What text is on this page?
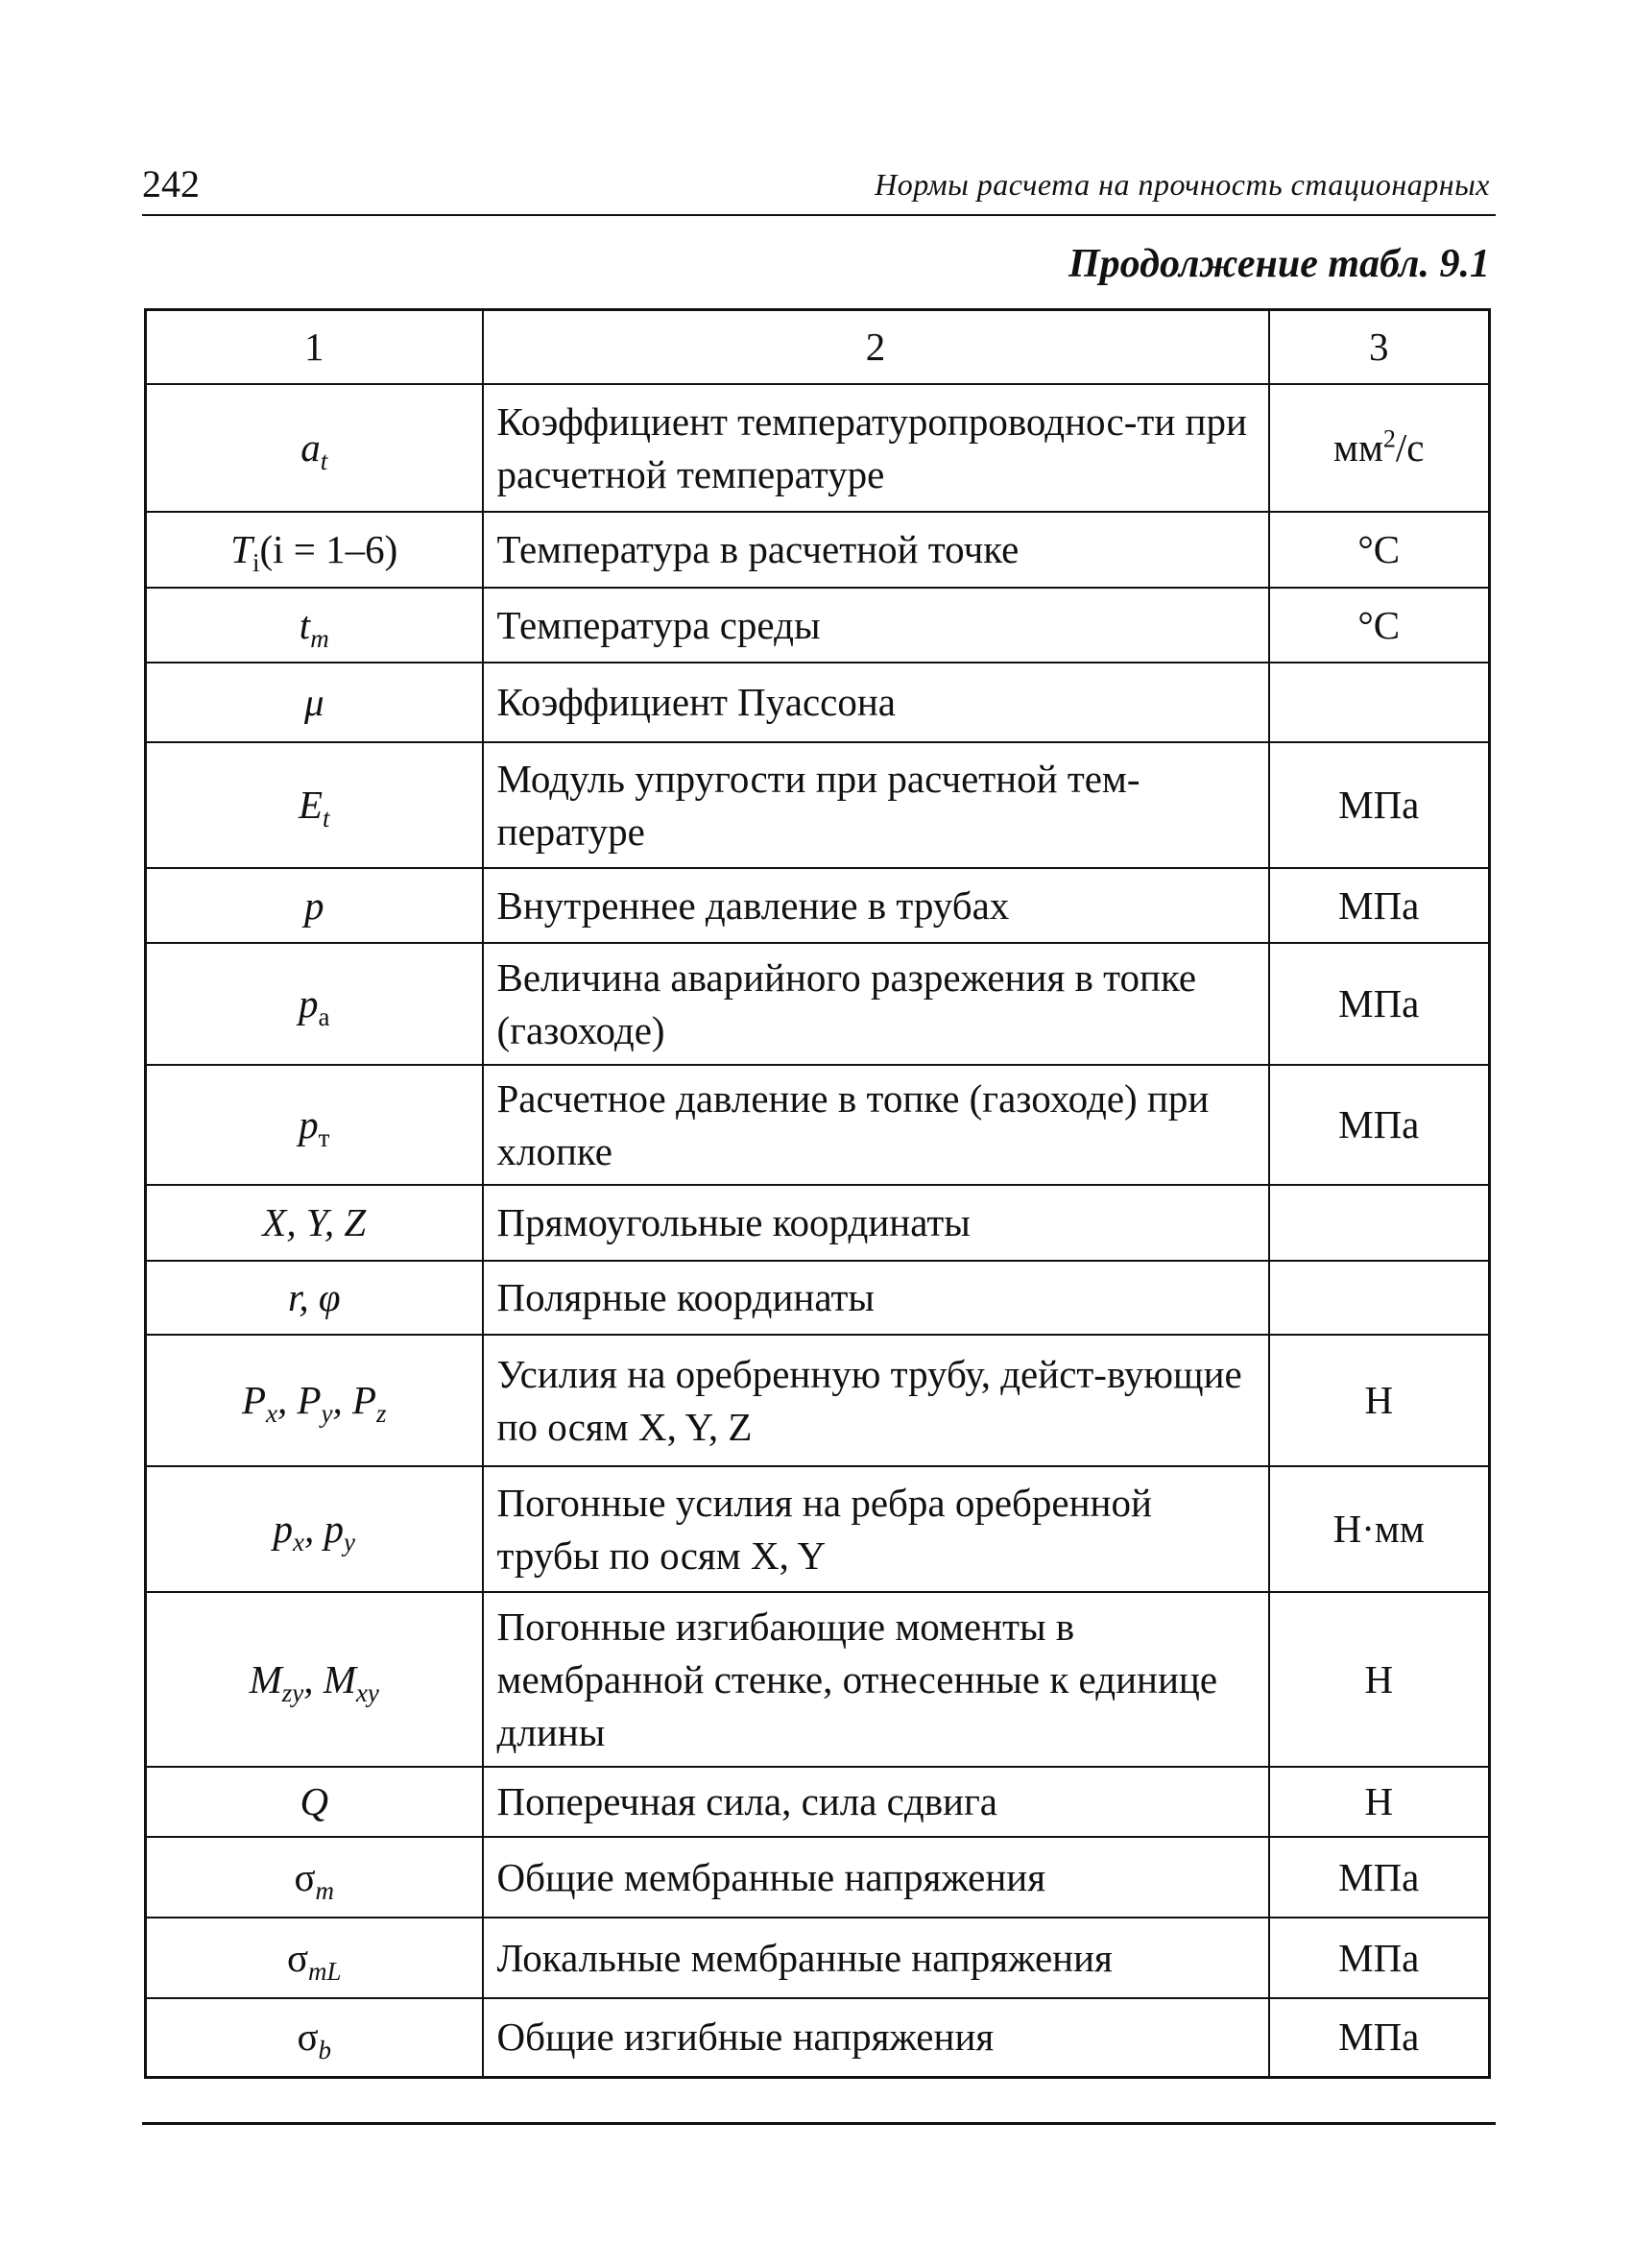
242	Нормы расчета на прочность стационарных
Продолжение табл. 9.1
1	2	3
$a_t$	Коэффициент температуропроводнос-ти при расчетной температуре	$мм^2/с$
$T_i(i = 1-6)$	Температура в расчетной точке	°С
$t_m$	Температура среды	°С
μ	Коэффициент Пуассона	
$E_t$	Модуль упругости при расчетной тем-пературе	МПа
p	Внутреннее давление в трубах	МПа
$p_а$	Величина аварийного разрежения в топке (газоходе)	МПа
$p_т$	Расчетное давление в топке (газоходе) при хлопке	МПа
X, Y, Z	Прямоугольные координаты	
r, φ	Полярные координаты	
$P_x$, $P_y$, $P_z$	Усилия на оребренную трубу, дейст-вующие по осям X, Y, Z	Н
$p_x$, $p_y$	Погонные усилия на ребра оребренной трубы по осям X, Y	Н·мм
$M_{zy}$, $M_{xy}$	Погонные изгибающие моменты в мембранной стенке, отнесенные к единице длины	Н
Q	Поперечная сила, сила сдвига	Н
$\sigma_m$	Общие мембранные напряжения	МПа
$\sigma_{mL}$	Локальные мембранные напряжения	МПа
$\sigma_b$	Общие изгибные напряжения	МПа
